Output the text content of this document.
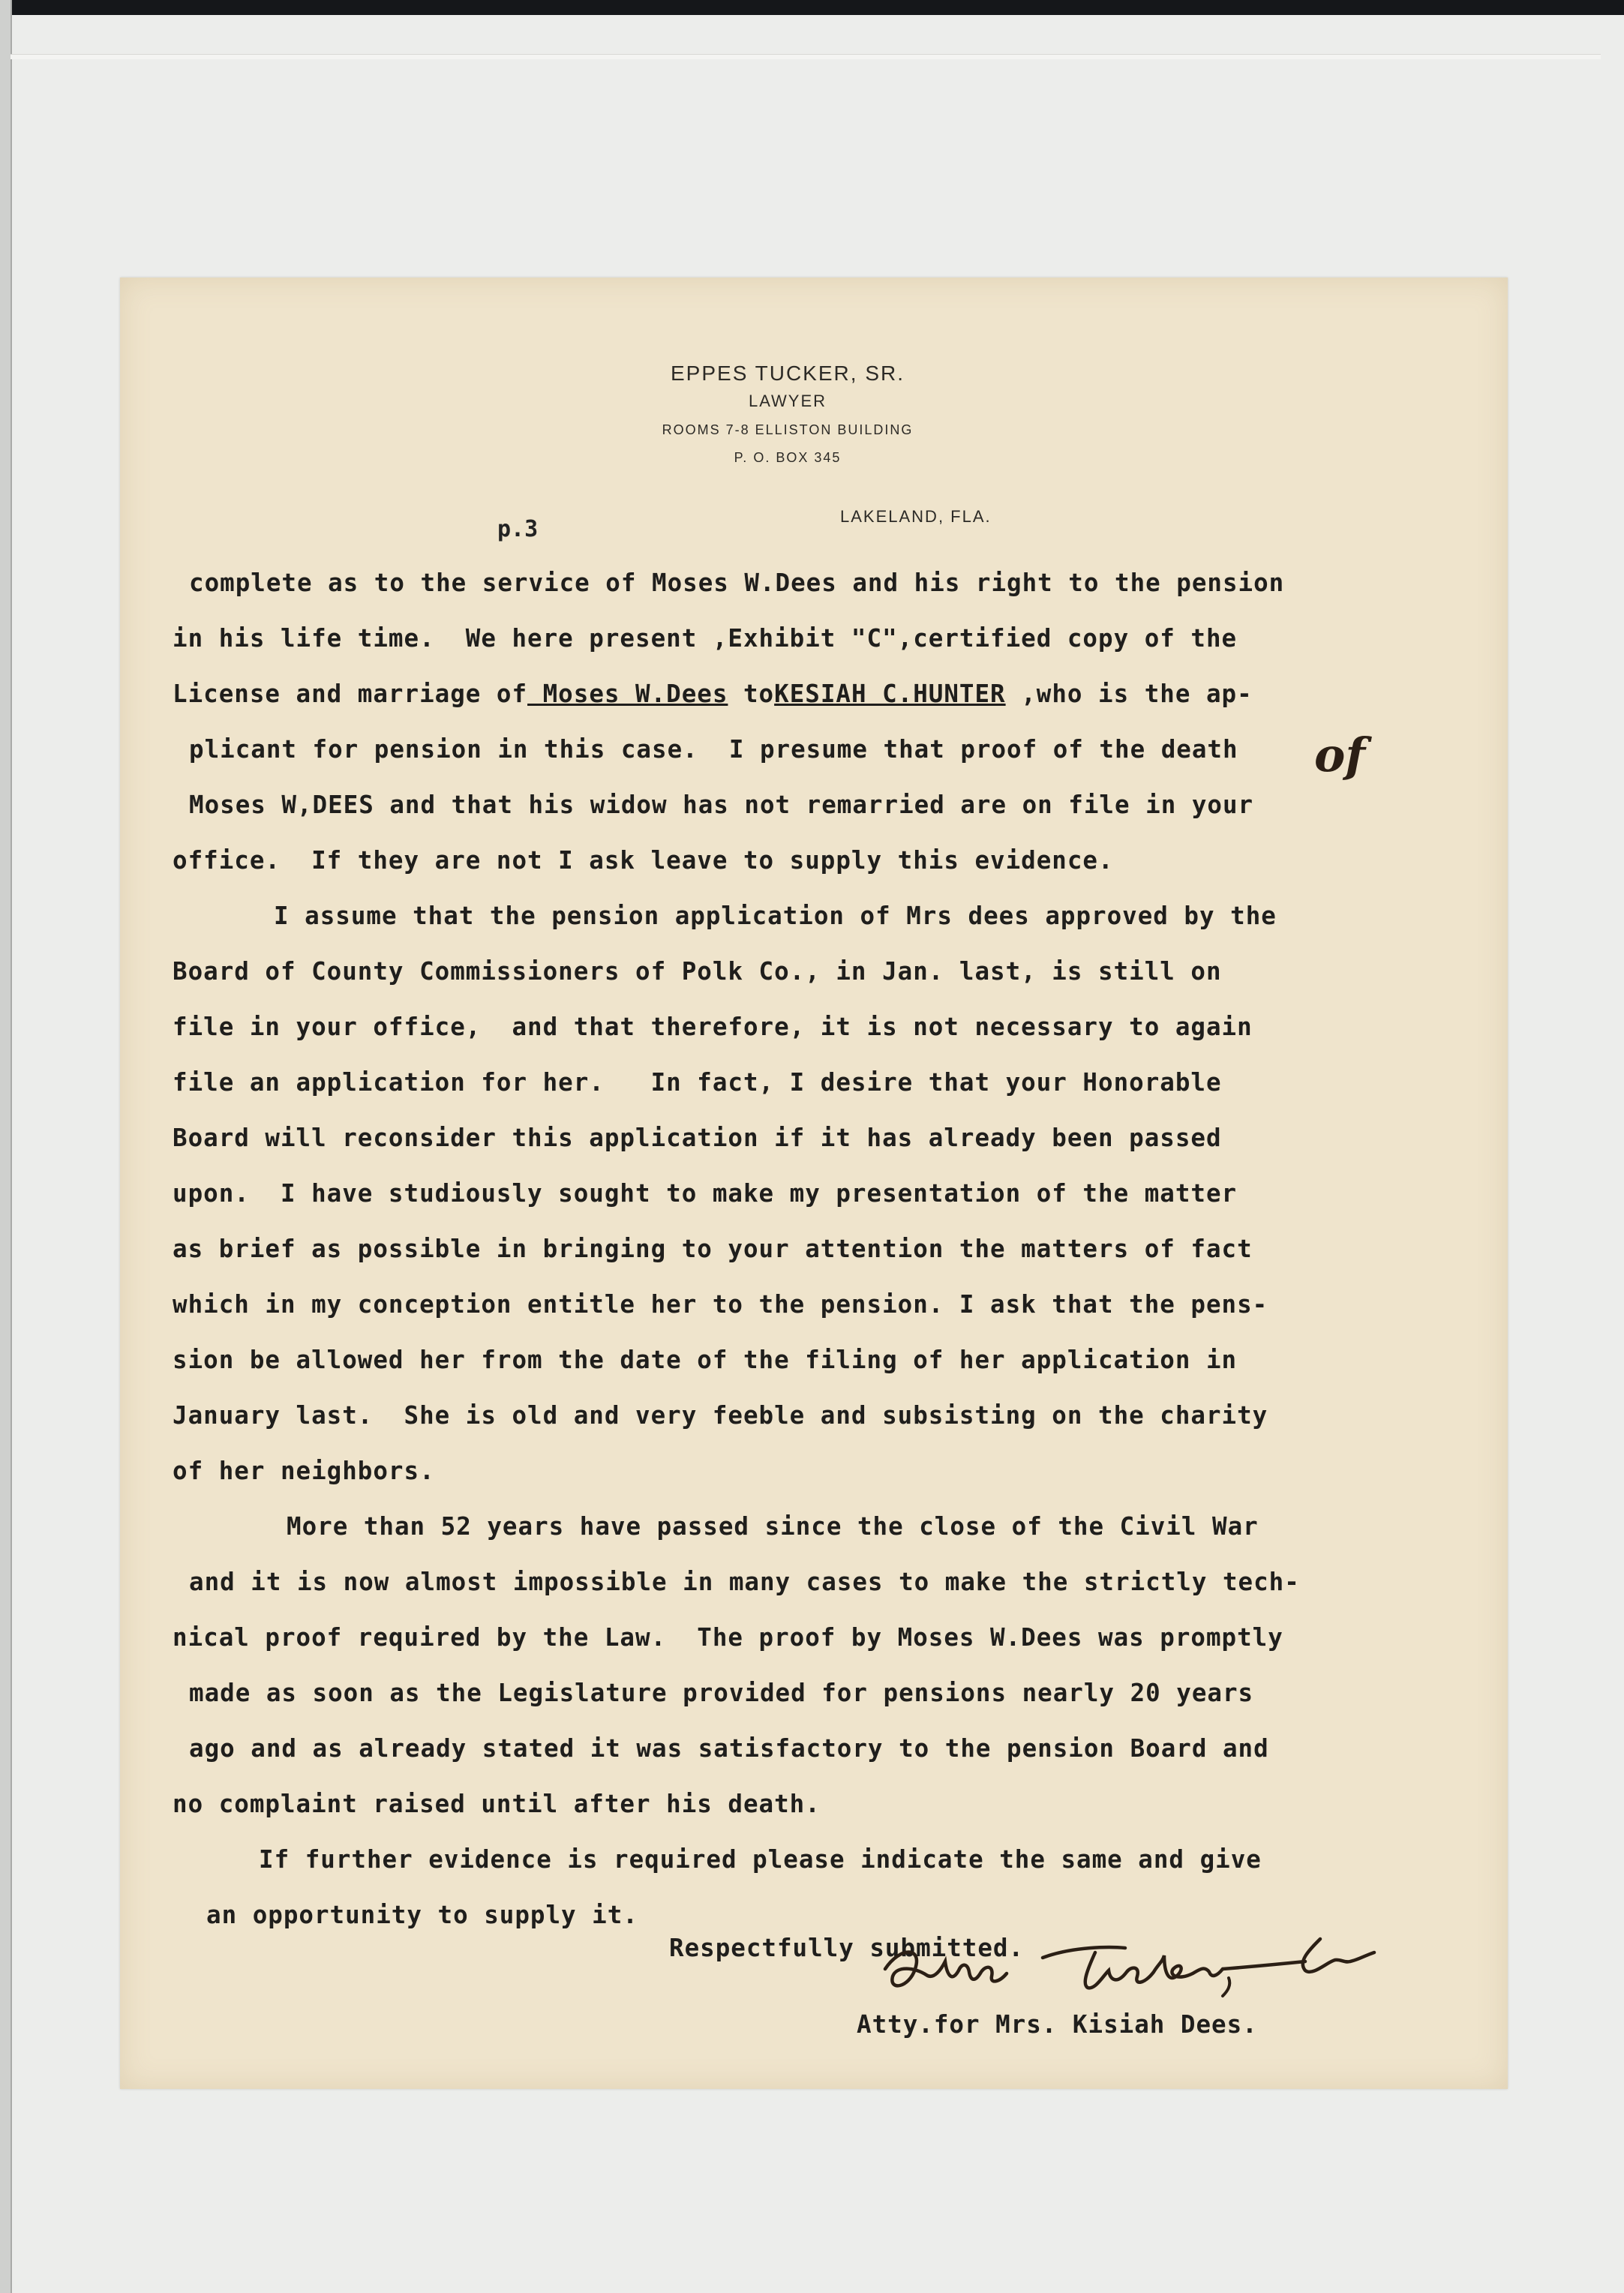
EPPES TUCKER, SR.
LAWYER
ROOMS 7-8 ELLISTON BUILDING
P. O. BOX 345
LAKELAND, FLA.
p.3
complete as to the service of Moses W.Dees and his right to the pension
in his life time.  We here present ,Exhibit "C",certified copy of the
License and marriage of Moses W.Dees toKESIAH C.HUNTER ,who is the ap-
plicant for pension in this case.  I presume that proof of the death of
Moses W,DEES and that his widow has not remarried are on file in your
office.  If they are not I ask leave to supply this evidence.
I assume that the pension application of Mrs dees approved by the
Board of County Commissioners of Polk Co., in Jan. last, is still on
file in your office,  and that therefore, it is not necessary to again
file an application for her.   In fact, I desire that your Honorable
Board will reconsider this application if it has already been passed
upon.  I have studiously sought to make my presentation of the matter
as brief as possible in bringing to your attention the matters of fact
which in my conception entitle her to the pension. I ask that the pens-
sion be allowed her from the date of the filing of her application in
January last.  She is old and very feeble and subsisting on the charity
of her neighbors.
More than 52 years have passed since the close of the Civil War
and it is now almost impossible in many cases to make the strictly tech-
nical proof required by the Law.  The proof by Moses W.Dees was promptly
made as soon as the Legislature provided for pensions nearly 20 years
ago and as already stated it was satisfactory to the pension Board and
no complaint raised until after his death.
If further evidence is required please indicate the same and give
an opportunity to supply it.
Respectfully submitted.
Atty.for Mrs. Kisiah Dees.
